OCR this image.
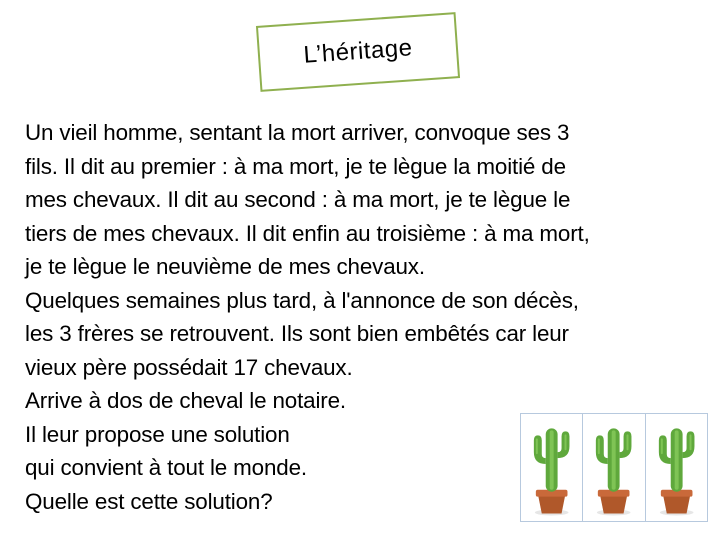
L’héritage
Un vieil homme, sentant la mort arriver, convoque ses 3
fils. Il dit au premier : à ma mort, je te lègue la moitié de
mes chevaux. Il dit au second : à ma mort, je te lègue le
tiers de mes chevaux. Il dit enfin au troisième : à ma mort,
je te lègue le neuvième de mes chevaux.
Quelques semaines plus tard, à l'annonce de son décès,
les 3 frères se retrouvent. Ils sont bien embêtés car leur
vieux père possédait 17 chevaux.
Arrive à dos de cheval le notaire.
Il leur propose une solution
qui convient à tout le monde.
Quelle est cette solution?
